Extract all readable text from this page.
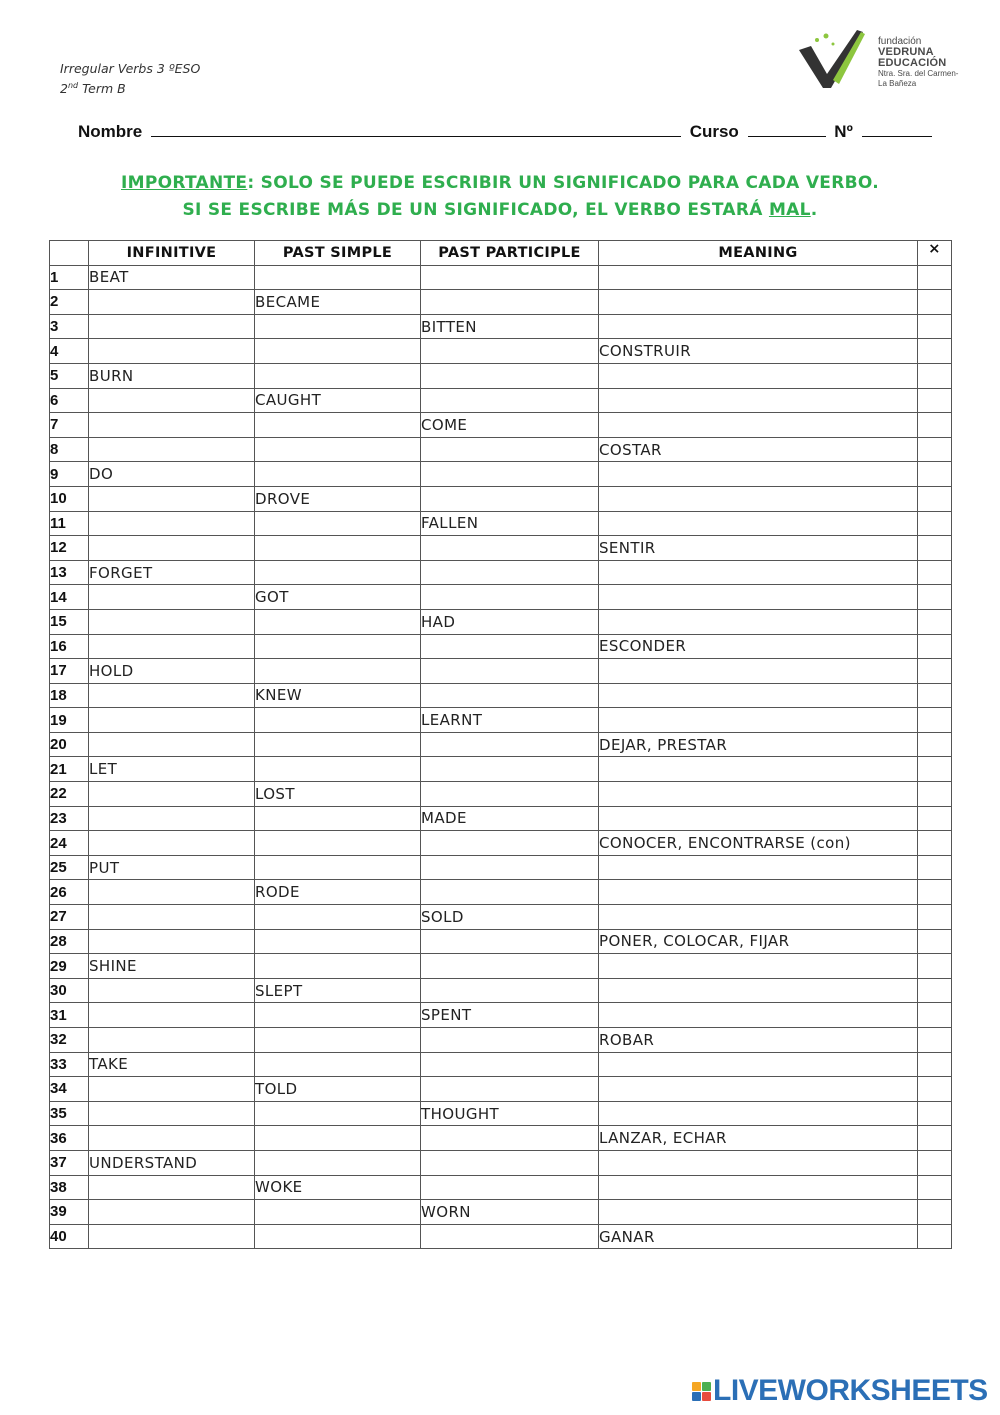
Irregular Verbs 3 ºESO
2nd Term B
fundación
VEDRUNA
EDUCACIÓN
Ntra. Sra. del Carmen-
La Bañeza
Nombre	Curso	Nº
IMPORTANTE: SOLO SE PUEDE ESCRIBIR UN SIGNIFICADO PARA CADA VERBO.
SI SE ESCRIBE MÁS DE UN SIGNIFICADO, EL VERBO ESTARÁ MAL.
	INFINITIVE	PAST SIMPLE	PAST PARTICIPLE	MEANING	×
1	BEAT				
2		BECAME			
3			BITTEN		
4				CONSTRUIR	
5	BURN				
6		CAUGHT			
7			COME		
8				COSTAR	
9	DO				
10		DROVE			
11			FALLEN		
12				SENTIR	
13	FORGET				
14		GOT			
15			HAD		
16				ESCONDER	
17	HOLD				
18		KNEW			
19			LEARNT		
20				DEJAR, PRESTAR	
21	LET				
22		LOST			
23			MADE		
24				CONOCER, ENCONTRARSE (con)	
25	PUT				
26		RODE			
27			SOLD		
28				PONER, COLOCAR, FIJAR	
29	SHINE				
30		SLEPT			
31			SPENT		
32				ROBAR	
33	TAKE				
34		TOLD			
35			THOUGHT		
36				LANZAR, ECHAR	
37	UNDERSTAND				
38		WOKE			
39			WORN		
40				GANAR	
LIVEWORKSHEETS
